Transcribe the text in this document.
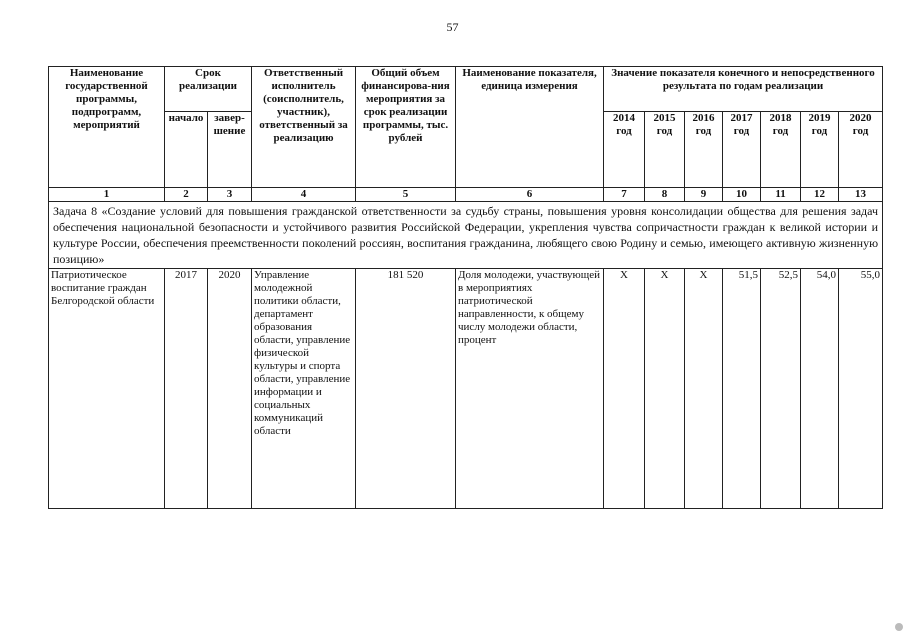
57
Наименование государственной программы, подпрограмм, мероприятий	Срок реализации		Ответственный исполнитель (соисполнитель, участник), ответственный за реализацию	Общий объем финансирова-ния мероприятия за срок реализации программы, тыс. рублей	Наименование показателя, единица измерения	Значение показателя конечного и непосредственного результата по годам реализации						
	начало	завер-шение				2014 год	2015 год	2016 год	2017 год	2018 год	2019 год	2020 год
1	2	3	4	5	6	7	8	9	10	11	12	13
Задача 8 «Создание условий для повышения гражданской ответственности за судьбу страны, повышения уровня консолидации общества для решения задач обеспечения национальной безопасности и устойчивого развития Российской Федерации, укрепления чувства сопричастности граждан к великой истории и культуре России, обеспечения преемственности поколений россиян, воспитания гражданина, любящего свою Родину и семью, имеющего активную жизненную позицию»												
Патриотическое воспитание граждан Белгородской области	2017	2020	Управление молодежной политики области, департамент образования области, управление физической культуры и спорта области, управление информации и социальных коммуникаций области	181 520	Доля молодежи, участвующей в мероприятиях патриотической направленности, к общему числу молодежи области, процент	X	X	X	51,5	52,5	54,0	55,0
